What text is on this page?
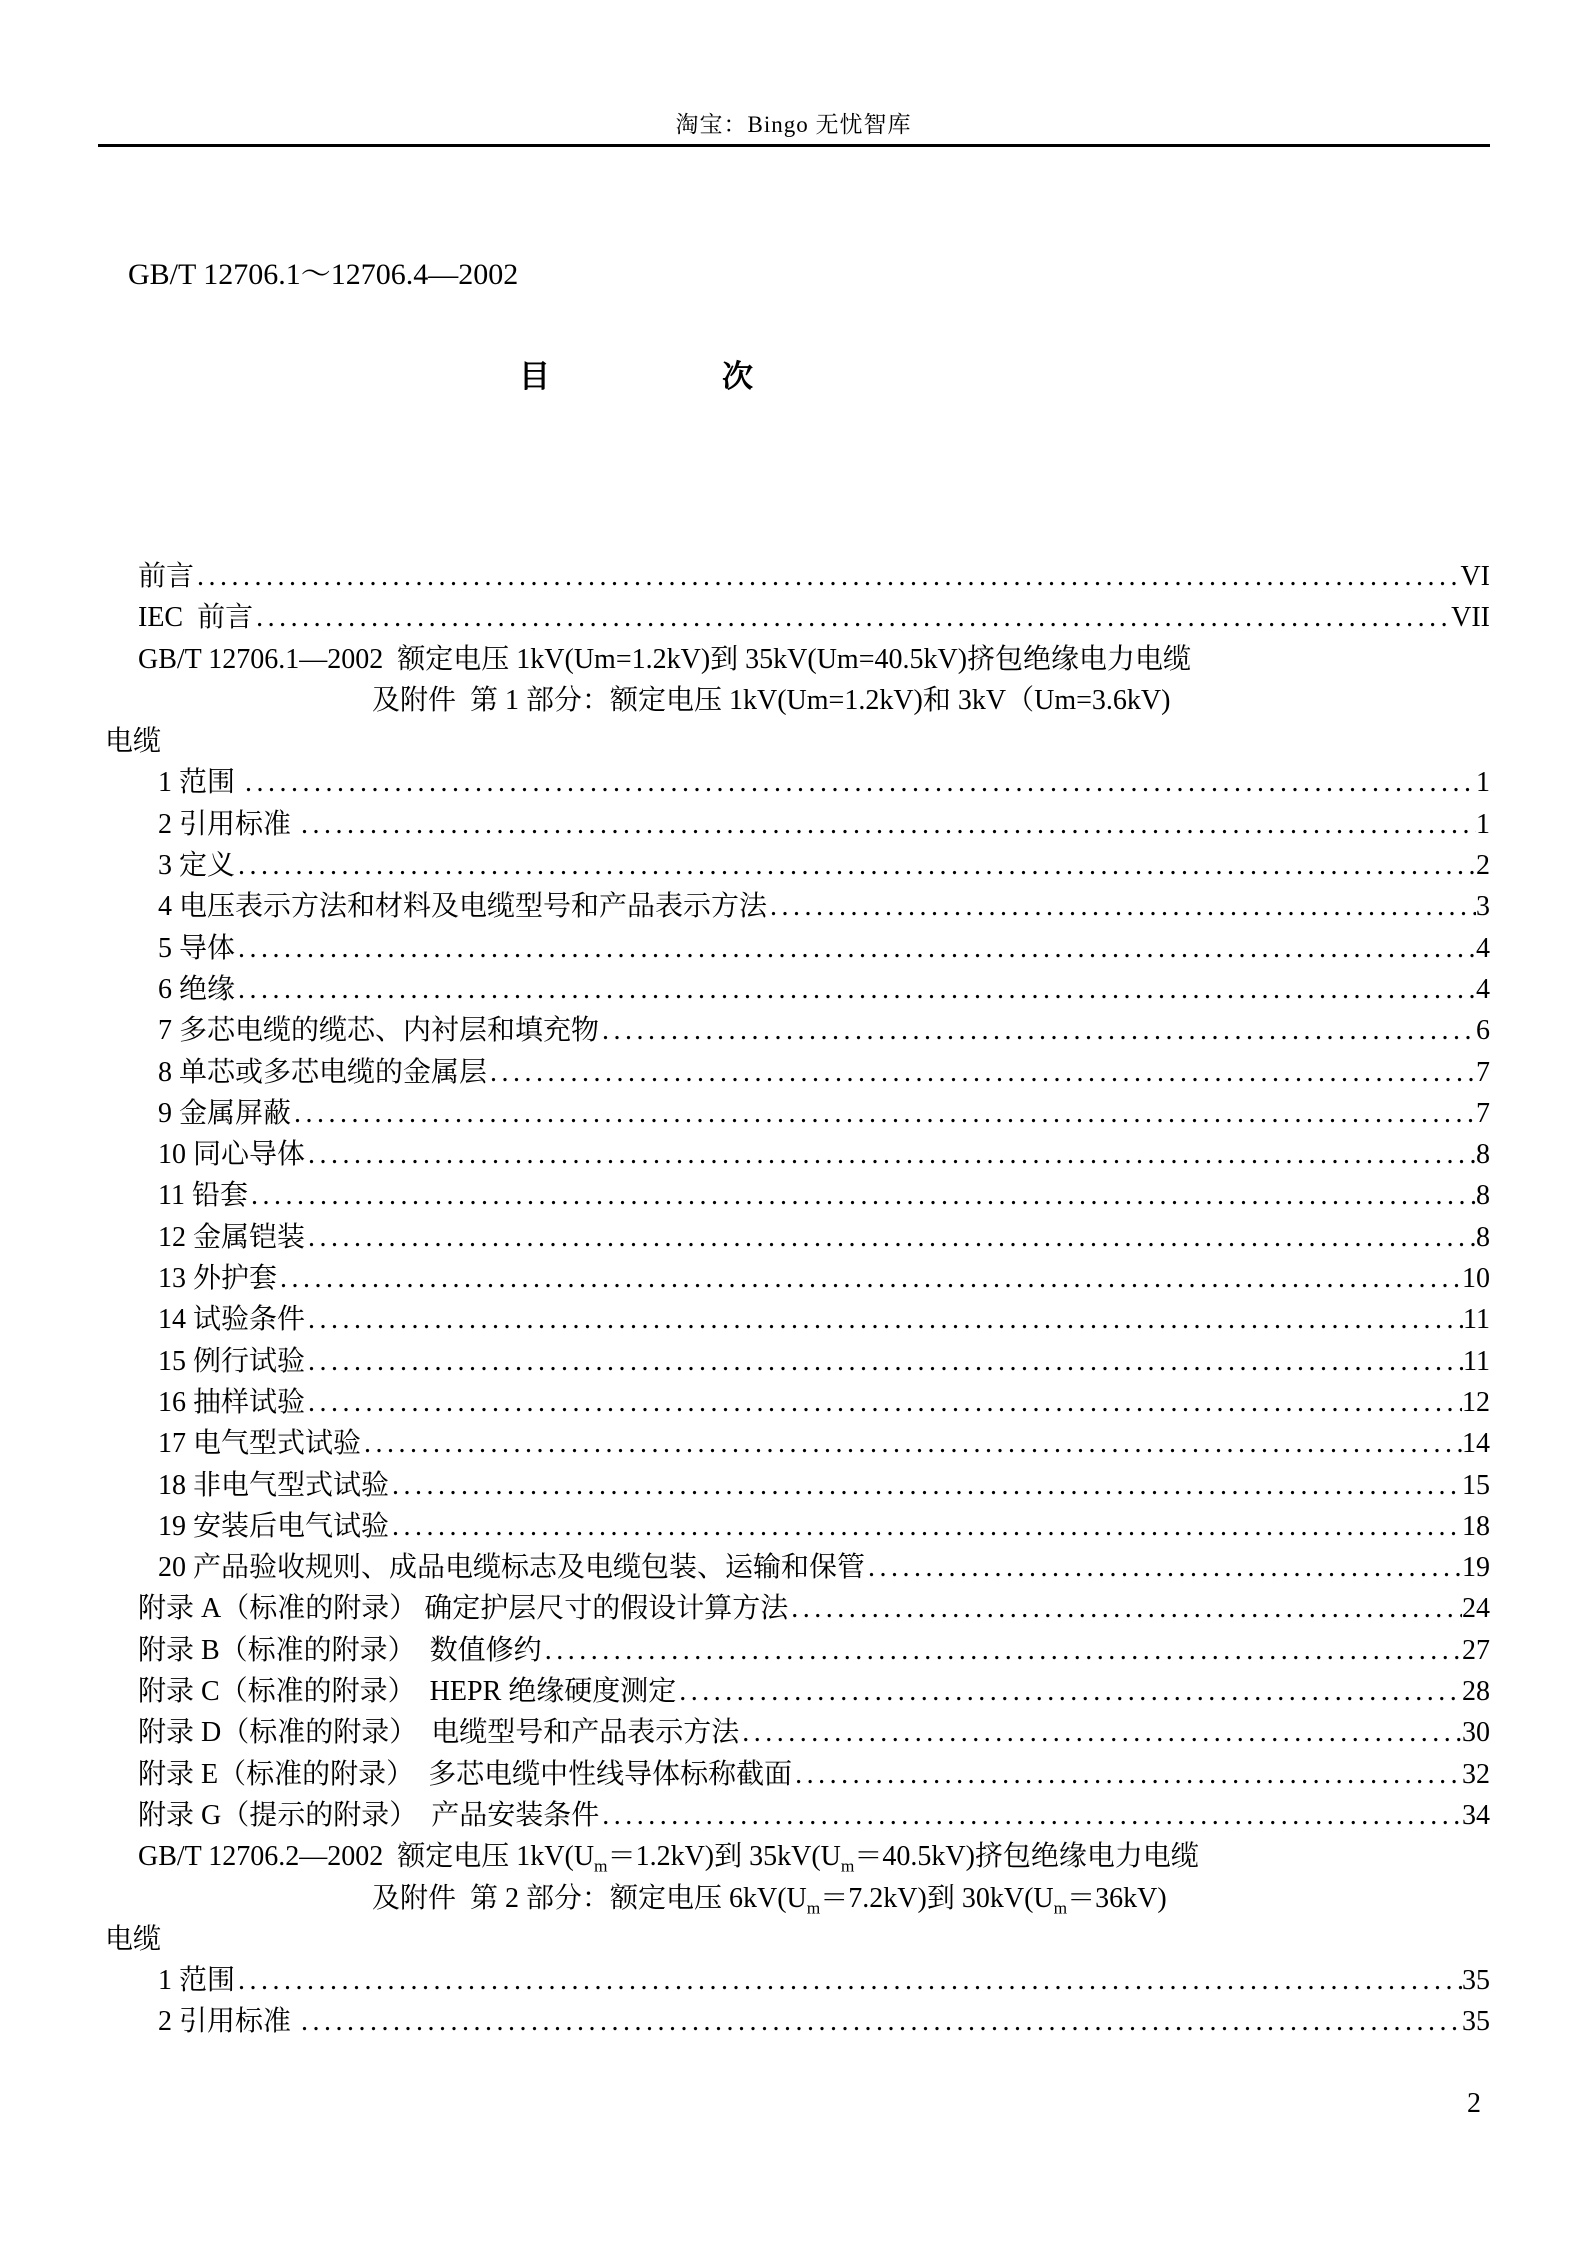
淘宝：Bingo 无忧智库
GB/T 12706.1～12706.4—2002
目	次
前言 .....	VI
IEC  前言 .....	VII
GB/T 12706.1—2002  额定电压 1kV(Um=1.2kV)到 35kV(Um=40.5kV)挤包绝缘电力电缆
及附件  第 1 部分：额定电压 1kV(Um=1.2kV)和 3kV（Um=3.6kV)
电缆
1 范围 .....	1
2 引用标准 .....	1
3 定义 .....	2
4 电压表示方法和材料及电缆型号和产品表示方法 .....	3
5 导体 .....	4
6 绝缘 .....	4
7 多芯电缆的缆芯、内衬层和填充物 .....	6
8 单芯或多芯电缆的金属层 .....	7
9 金属屏蔽 .....	7
10 同心导体 .....	8
11 铅套 .....	8
12 金属铠装 .....	8
13 外护套 .....	10
14 试验条件 .....	11
15 例行试验 .....	11
16 抽样试验 .....	12
17 电气型式试验 .....	14
18 非电气型式试验 .....	15
19 安装后电气试验 .....	18
20 产品验收规则、成品电缆标志及电缆包装、运输和保管 .....	19
附录 A（标准的附录） 确定护层尺寸的假设计算方法 .....	24
附录 B（标准的附录）  数值修约 .....	27
附录 C（标准的附录）  HEPR 绝缘硬度测定 .....	28
附录 D（标准的附录）  电缆型号和产品表示方法 .....	30
附录 E（标准的附录）  多芯电缆中性线导体标称截面 .....	32
附录 G（提示的附录）  产品安装条件 .....	34
GB/T 12706.2—2002  额定电压 $1kV(U_m=1.2kV)$到 $35kV(U_m=40.5kV)$挤包绝缘电力电缆
及附件  第 2 部分：额定电压 $6kV(U_m=7.2kV)$到 $30kV(U_m=36kV)$
电缆
1 范围 .....	35
2 引用标准 .....	35
2
